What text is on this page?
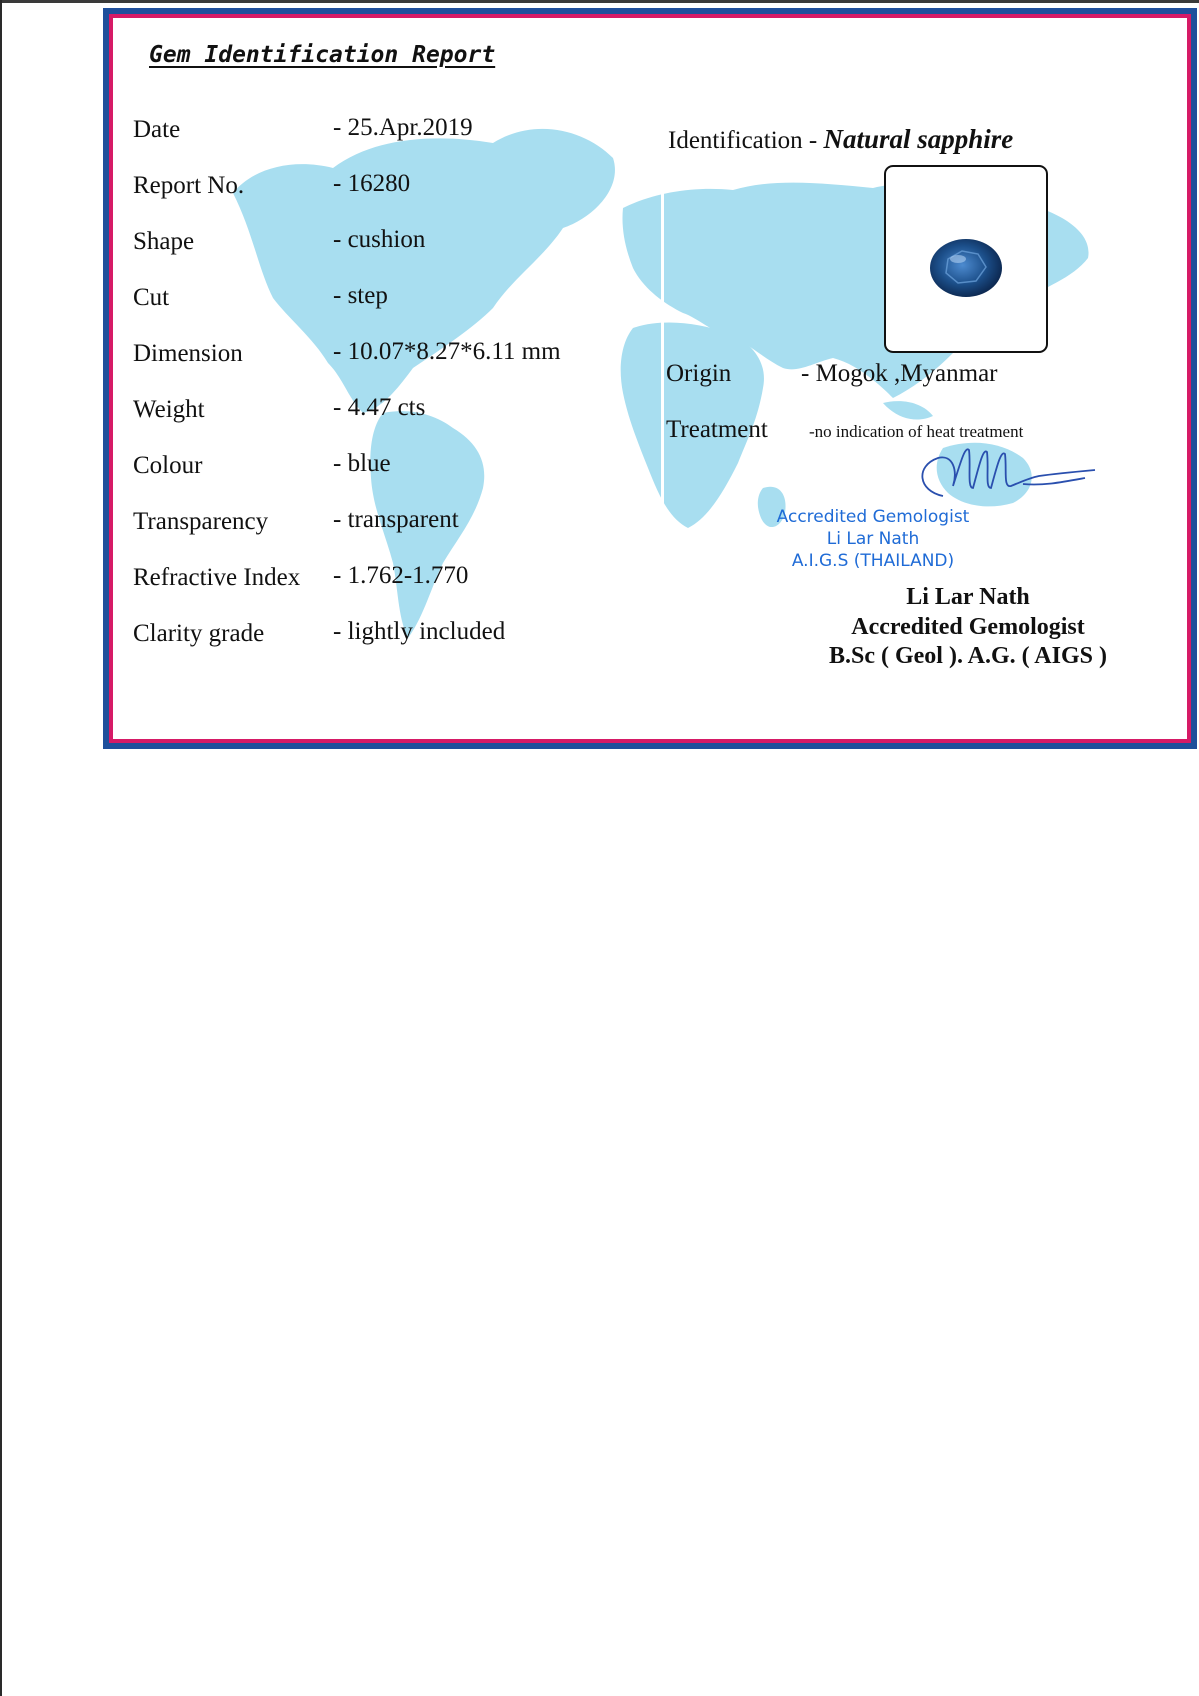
Gem Identification Report
Date	- 25.Apr.2019
Report No.	- 16280
Shape	- cushion
Cut	- step
Dimension	- 10.07*8.27*6.11 mm
Weight	- 4.47 cts
Colour	- blue
Transparency	- transparent
Refractive Index	- 1.762-1.770
Clarity grade	- lightly included
Identification - Natural sapphire
Origin	- Mogok ,Myanmar
Treatment -no indication of heat treatment
Accredited Gemologist
Li Lar Nath
A.I.G.S (THAILAND)
Li Lar Nath
Accredited Gemologist
B.Sc ( Geol ). A.G. ( AIGS )
